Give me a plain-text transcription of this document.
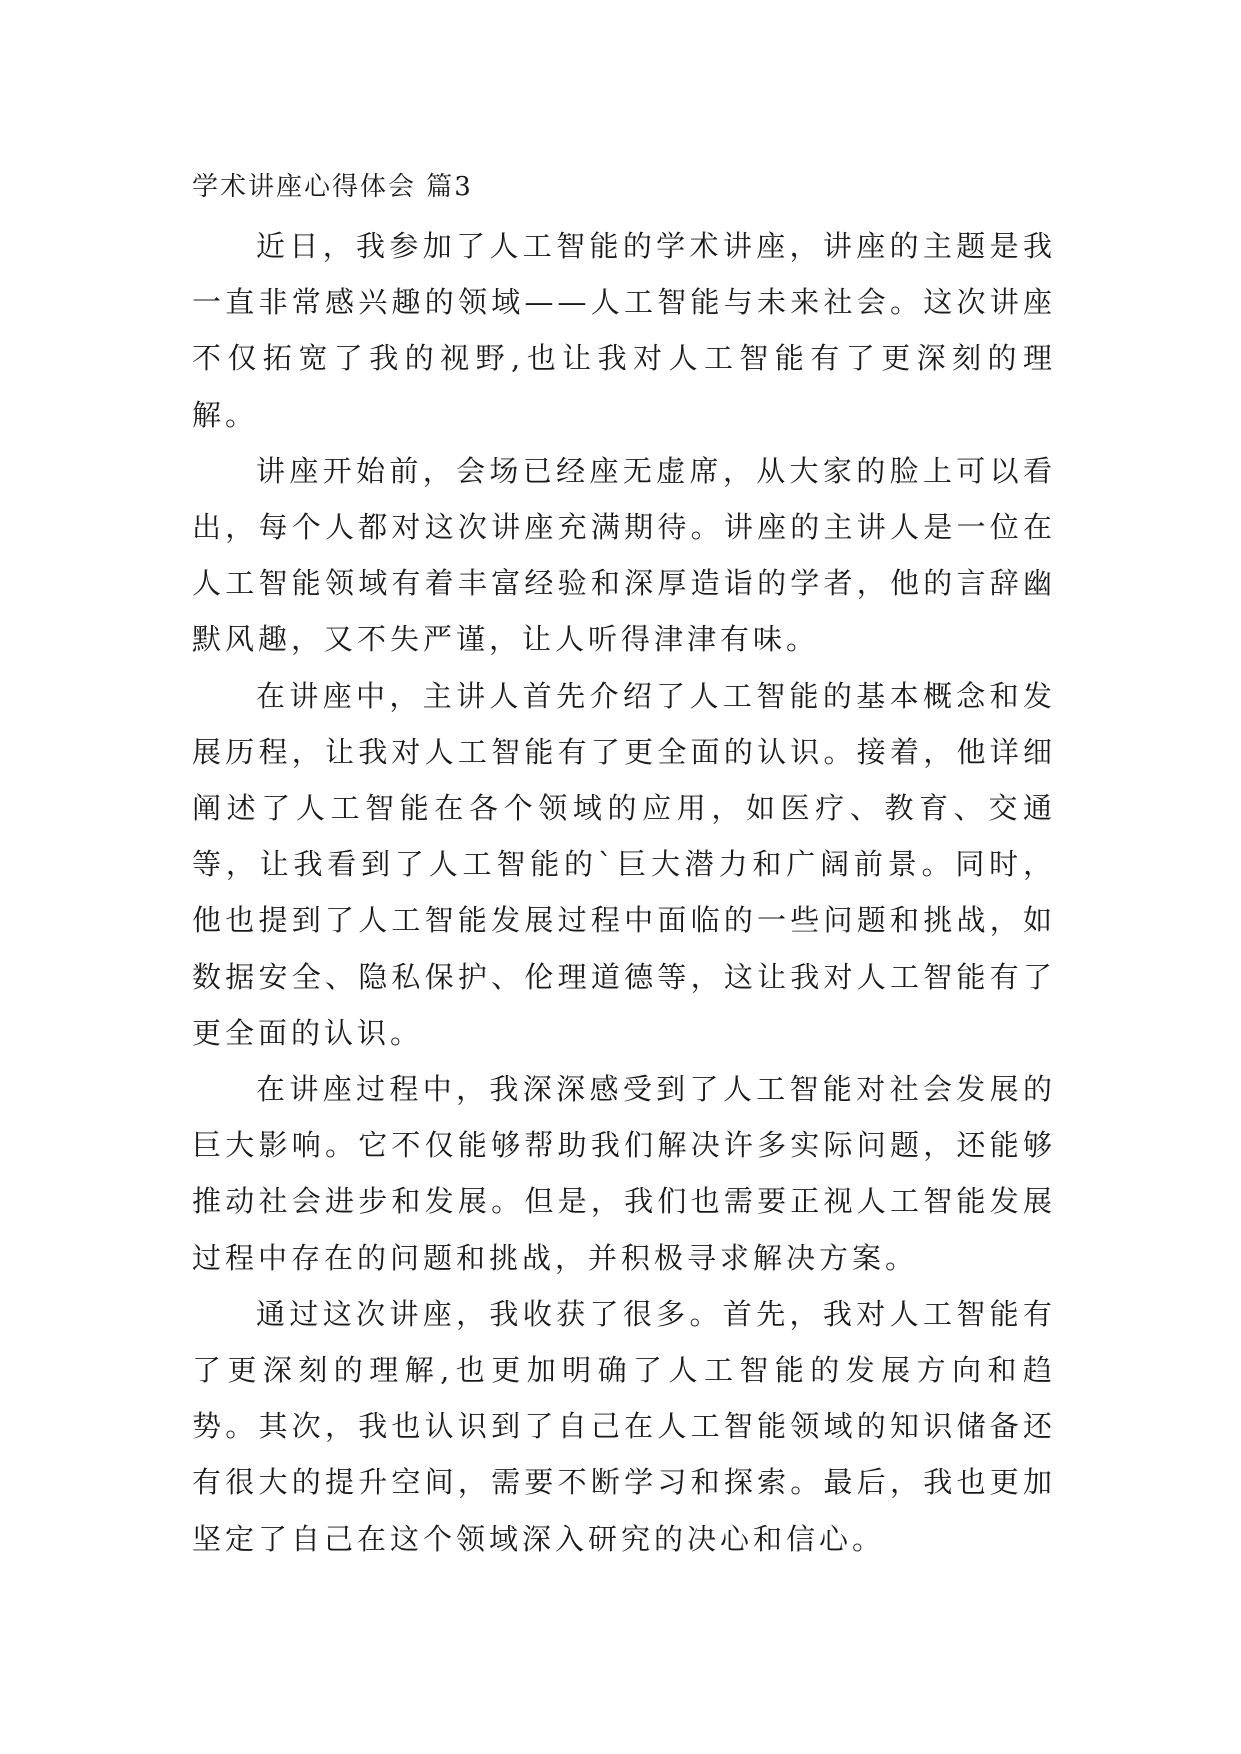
学术讲座心得体会 篇3

近日，我参加了人工智能的学术讲座，讲座的主题是我一直非常感兴趣的领域——人工智能与未来社会。这次讲座不仅拓宽了我的视野,也让我对人工智能有了更深刻的理解。

讲座开始前，会场已经座无虚席，从大家的脸上可以看出，每个人都对这次讲座充满期待。讲座的主讲人是一位在人工智能领域有着丰富经验和深厚造诣的学者，他的言辞幽默风趣，又不失严谨，让人听得津津有味。

在讲座中，主讲人首先介绍了人工智能的基本概念和发展历程，让我对人工智能有了更全面的认识。接着，他详细阐述了人工智能在各个领域的应用，如医疗、教育、交通等，让我看到了人工智能的`巨大潜力和广阔前景。同时，他也提到了人工智能发展过程中面临的一些问题和挑战，如数据安全、隐私保护、伦理道德等，这让我对人工智能有了更全面的认识。

在讲座过程中，我深深感受到了人工智能对社会发展的巨大影响。它不仅能够帮助我们解决许多实际问题，还能够推动社会进步和发展。但是，我们也需要正视人工智能发展过程中存在的问题和挑战，并积极寻求解决方案。

通过这次讲座，我收获了很多。首先，我对人工智能有了更深刻的理解,也更加明确了人工智能的发展方向和趋势。其次，我也认识到了自己在人工智能领域的知识储备还有很大的提升空间，需要不断学习和探索。最后，我也更加坚定了自己在这个领域深入研究的决心和信心。
